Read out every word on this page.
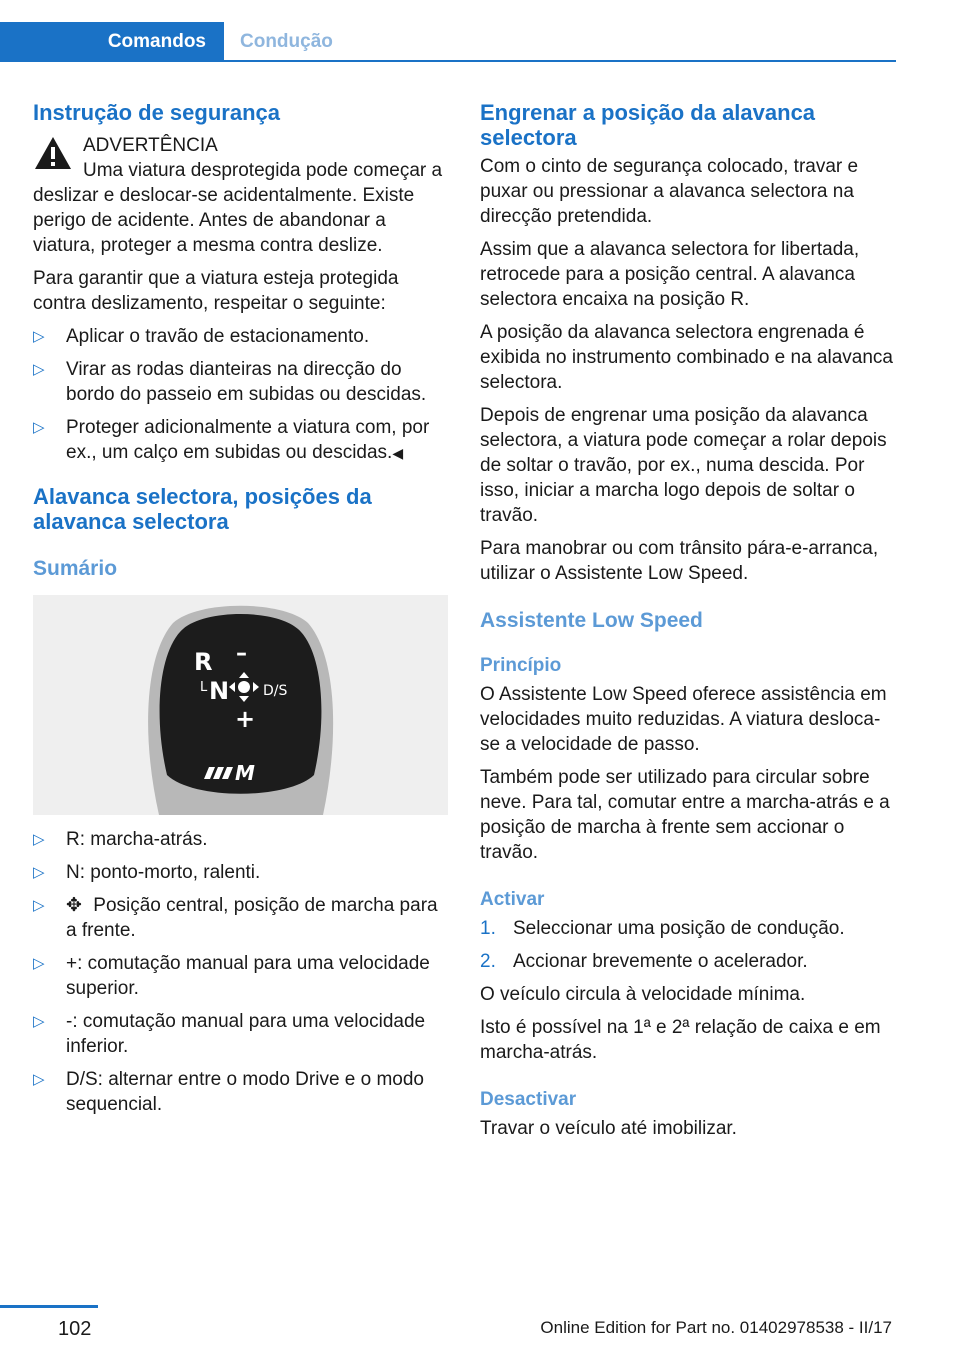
Comandos	Condução
Instrução de segurança
ADVERTÊNCIA

Uma viatura desprotegida pode começar a deslizar e deslocar-se acidentalmente. Existe perigo de acidente. Antes de abandonar a viatura, proteger a mesma contra deslize.

Para garantir que a viatura esteja protegida contra deslizamento, respeitar o seguinte:

▷ Aplicar o travão de estacionamento.
▷ Virar as rodas dianteiras na direcção do bordo do passeio em subidas ou descidas.
▷ Proteger adicionalmente a viatura com, por ex., um calço em subidas ou descidas.◀
Alavanca selectora, posições da alavanca selectora
Sumário
R –
L N D/S
+
M
▷ R: marcha-atrás.
▷ N: ponto-morto, ralenti.
▷ ✥ Posição central, posição de marcha para a frente.
▷ +: comutação manual para uma velocidade superior.
▷ -: comutação manual para uma velocidade inferior.
▷ D/S: alternar entre o modo Drive e o modo sequencial.
Engrenar a posição da alavanca selectora

Com o cinto de segurança colocado, travar e puxar ou pressionar a alavanca selectora na direcção pretendida.

Assim que a alavanca selectora for libertada, retrocede para a posição central. A alavanca selectora encaixa na posição R.

A posição da alavanca selectora engrenada é exibida no instrumento combinado e na alavanca selectora.

Depois de engrenar uma posição da alavanca selectora, a viatura pode começar a rolar depois de soltar o travão, por ex., numa descida. Por isso, iniciar a marcha logo depois de soltar o travão.

Para manobrar ou com trânsito pára-e-arranca, utilizar o Assistente Low Speed.

Assistente Low Speed
Princípio

O Assistente Low Speed oferece assistência em velocidades muito reduzidas. A viatura desloca-se a velocidade de passo.

Também pode ser utilizado para circular sobre neve. Para tal, comutar entre a marcha-atrás e a posição de marcha à frente sem accionar o travão.

Activar
1. Seleccionar uma posição de condução.
2. Accionar brevemente o acelerador.

O veículo circula à velocidade mínima.

Isto é possível na 1ª e 2ª relação de caixa e em marcha-atrás.

Desactivar

Travar o veículo até imobilizar.

102	Online Edition for Part no. 01402978538 - II/17
